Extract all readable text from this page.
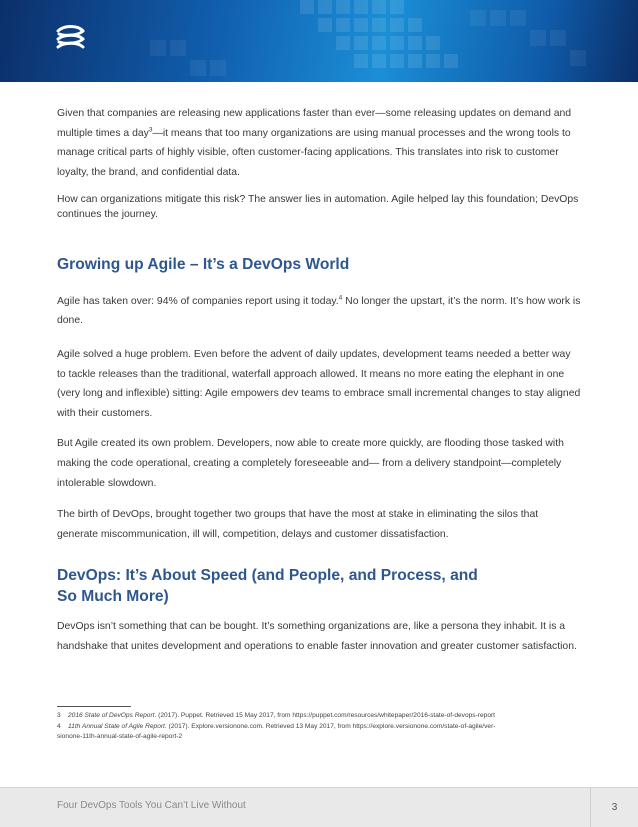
Given that companies are releasing new applications faster than ever—some releasing updates on demand and multiple times a day$^3$—it means that too many organizations are using manual processes and the wrong tools to manage critical parts of highly visible, often customer-facing applications. This translates into risk to customer loyalty, the brand, and confidential data.

How can organizations mitigate this risk? The answer lies in automation. Agile helped lay this foundation; DevOps continues the journey.

Growing up Agile – It’s a DevOps World

Agile has taken over: 94% of companies report using it today.$^4$ No longer the upstart, it’s the norm. It’s how work is done.

Agile solved a huge problem. Even before the advent of daily updates, development teams needed a better way to tackle releases than the traditional, waterfall approach allowed. It means no more eating the elephant in one (very long and inflexible) sitting: Agile empowers dev teams to embrace small incremental changes to stay aligned with their customers.

But Agile created its own problem. Developers, now able to create more quickly, are flooding those tasked with making the code operational, creating a completely foreseeable and— from a delivery standpoint—completely intolerable slowdown.

The birth of DevOps, brought together two groups that have the most at stake in eliminating the silos that generate miscommunication, ill will, competition, delays and customer dissatisfaction.

DevOps: It’s About Speed (and People, and Process, and
So Much More)

DevOps isn’t something that can be bought. It’s something organizations are, like a persona they inhabit. It is a handshake that unites development and operations to enable faster innovation and greater customer satisfaction.

3 2016 State of DevOps Report. (2017). Puppet. Retrieved 15 May 2017, from https://puppet.com/resources/whitepaper/2016-state-of-devops-report
4 11th Annual State of Agile Report. (2017). Explore.versionone.com. Retrieved 13 May 2017, from https://explore.versionone.com/state-of-agile/ver-
sionone-11th-annual-state-of-agile-report-2
Four DevOps Tools You Can’t Live Without	3
